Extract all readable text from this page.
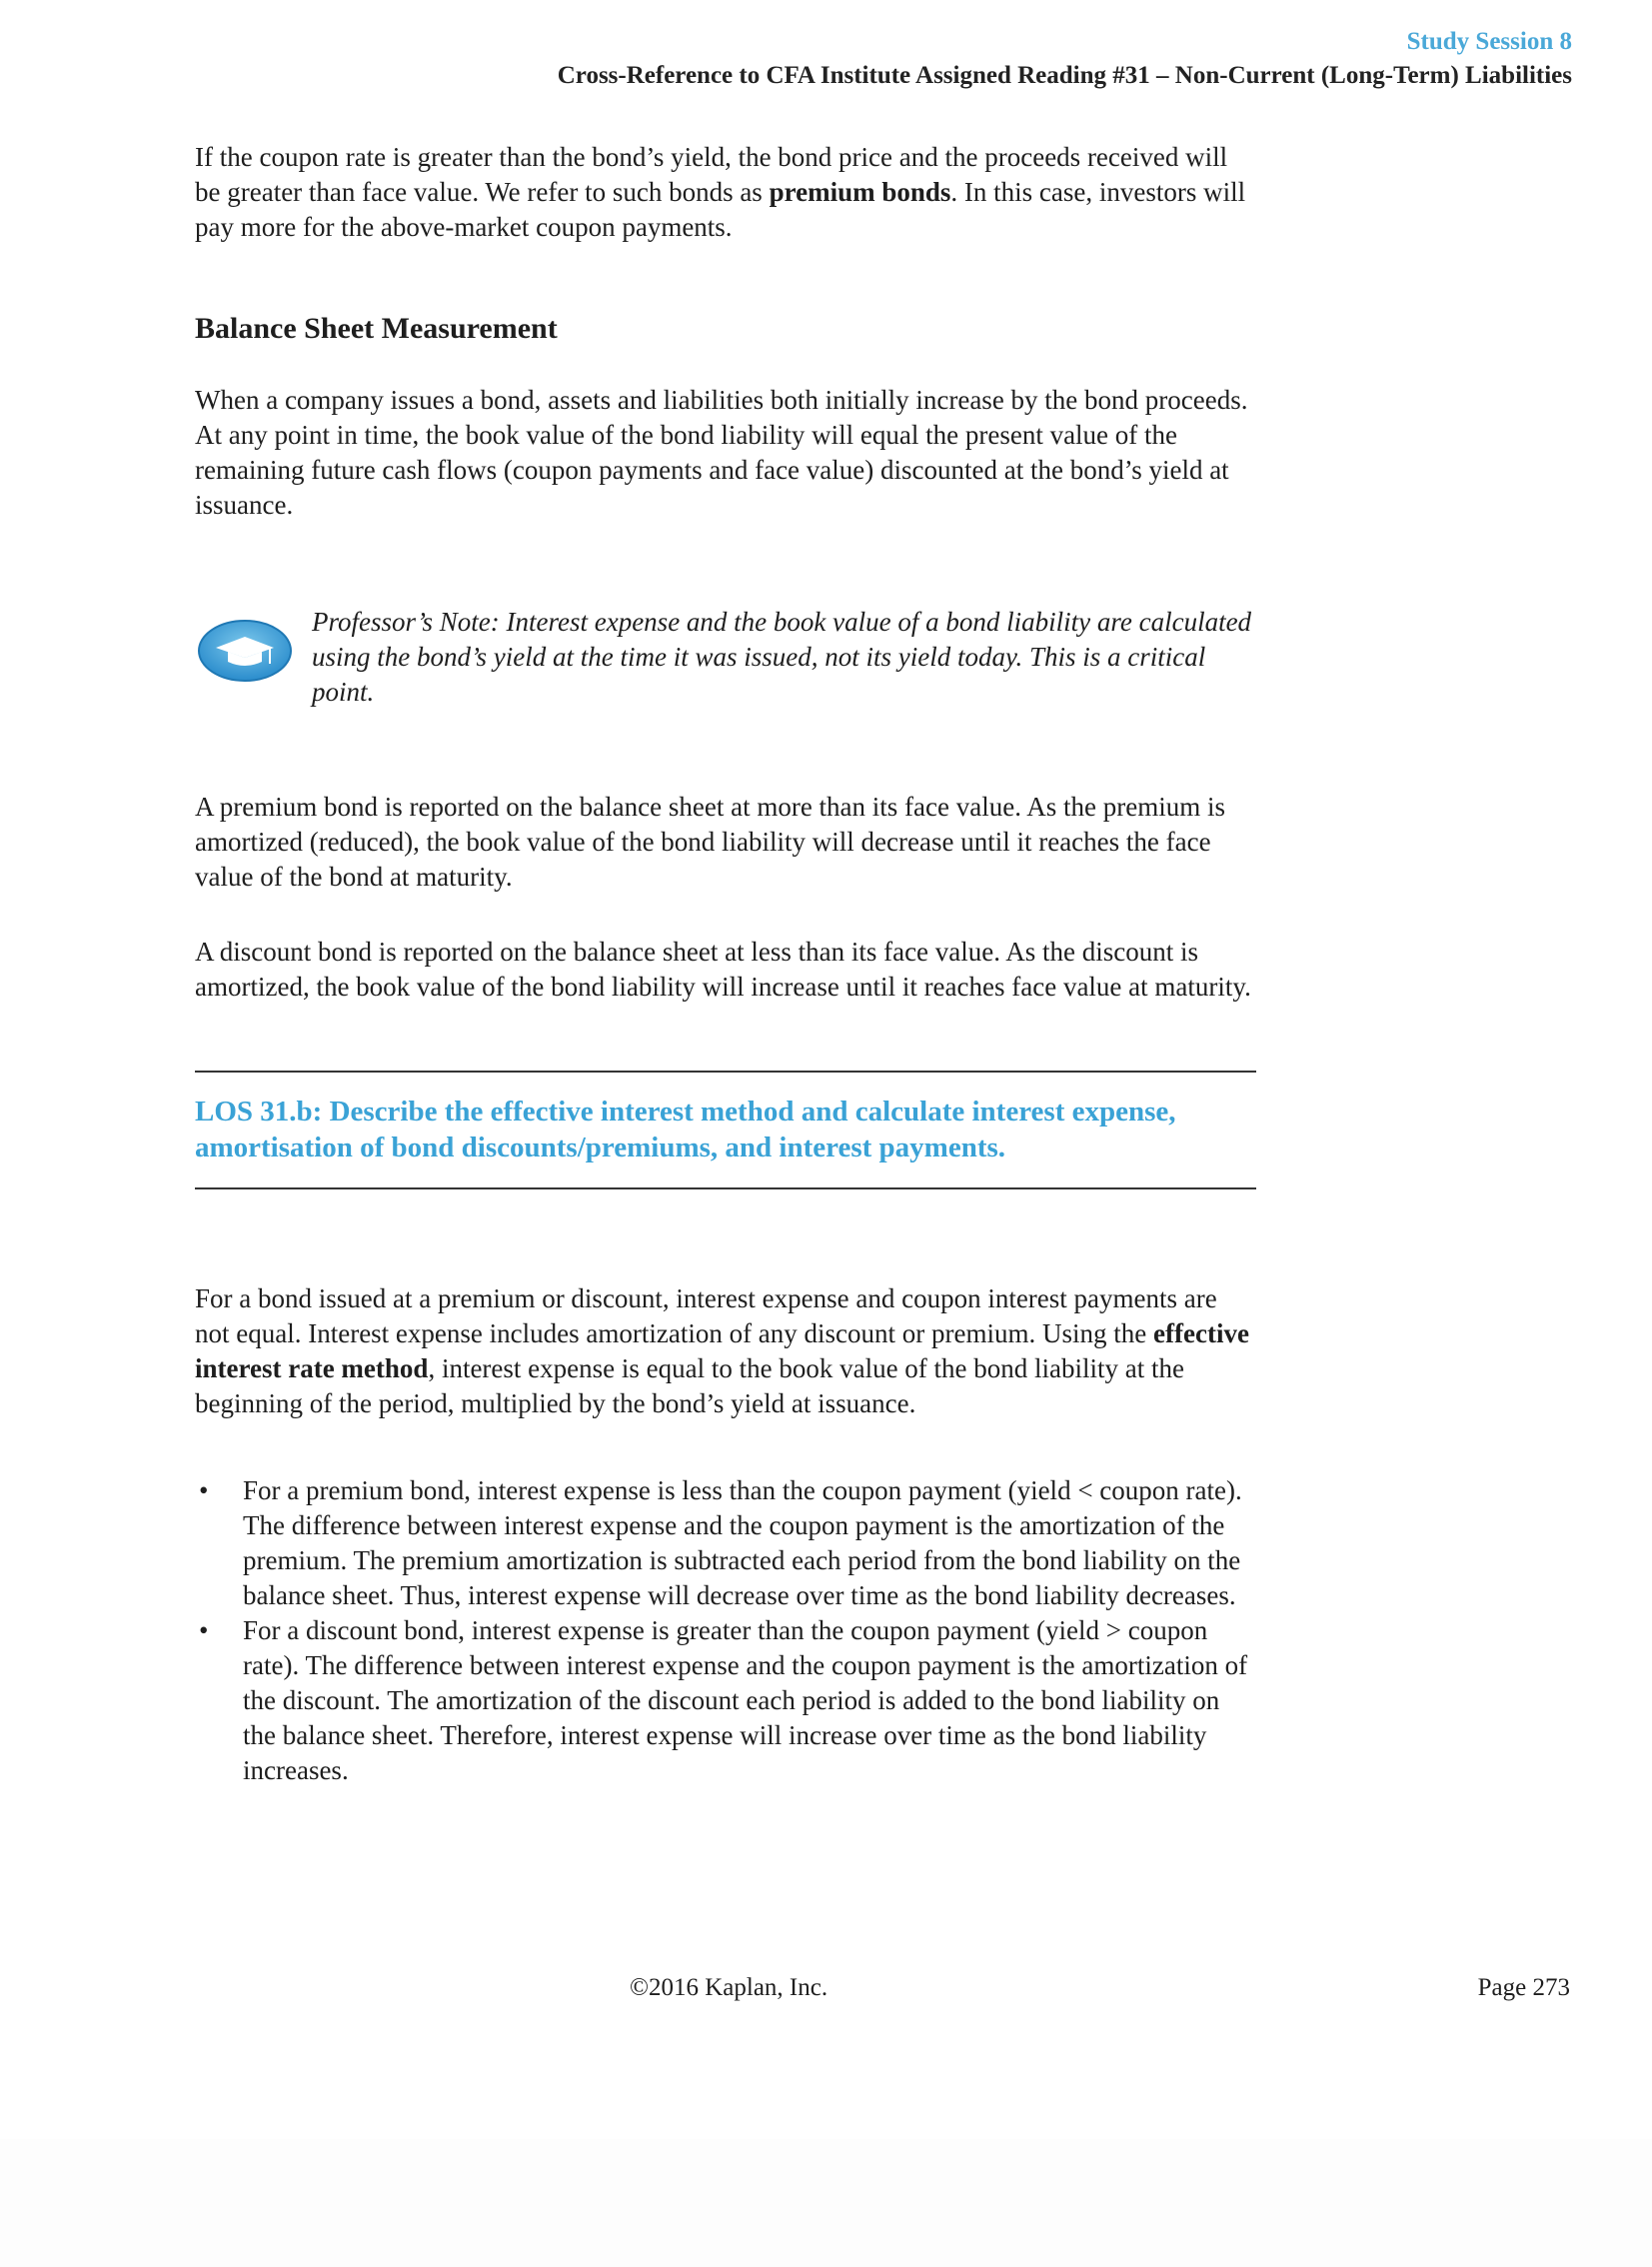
Study Session 8
Cross-Reference to CFA Institute Assigned Reading #31 – Non-Current (Long-Term) Liabilities

If the coupon rate is greater than the bond’s yield, the bond price and the proceeds received will be greater than face value. We refer to such bonds as premium bonds. In this case, investors will pay more for the above-market coupon payments.

Balance Sheet Measurement

When a company issues a bond, assets and liabilities both initially increase by the bond proceeds. At any point in time, the book value of the bond liability will equal the present value of the remaining future cash flows (coupon payments and face value) discounted at the bond’s yield at issuance.

Professor’s Note: Interest expense and the book value of a bond liability are calculated using the bond’s yield at the time it was issued, not its yield today. This is a critical point.

A premium bond is reported on the balance sheet at more than its face value. As the premium is amortized (reduced), the book value of the bond liability will decrease until it reaches the face value of the bond at maturity.

A discount bond is reported on the balance sheet at less than its face value. As the discount is amortized, the book value of the bond liability will increase until it reaches face value at maturity.

LOS 31.b: Describe the effective interest method and calculate interest expense, amortisation of bond discounts/premiums, and interest payments.

For a bond issued at a premium or discount, interest expense and coupon interest payments are not equal. Interest expense includes amortization of any discount or premium. Using the effective interest rate method, interest expense is equal to the book value of the bond liability at the beginning of the period, multiplied by the bond’s yield at issuance.

• For a premium bond, interest expense is less than the coupon payment (yield < coupon rate). The difference between interest expense and the coupon payment is the amortization of the premium. The premium amortization is subtracted each period from the bond liability on the balance sheet. Thus, interest expense will decrease over time as the bond liability decreases.
• For a discount bond, interest expense is greater than the coupon payment (yield > coupon rate). The difference between interest expense and the coupon payment is the amortization of the discount. The amortization of the discount each period is added to the bond liability on the balance sheet. Therefore, interest expense will increase over time as the bond liability increases.
©2016 Kaplan, Inc.	Page 273
